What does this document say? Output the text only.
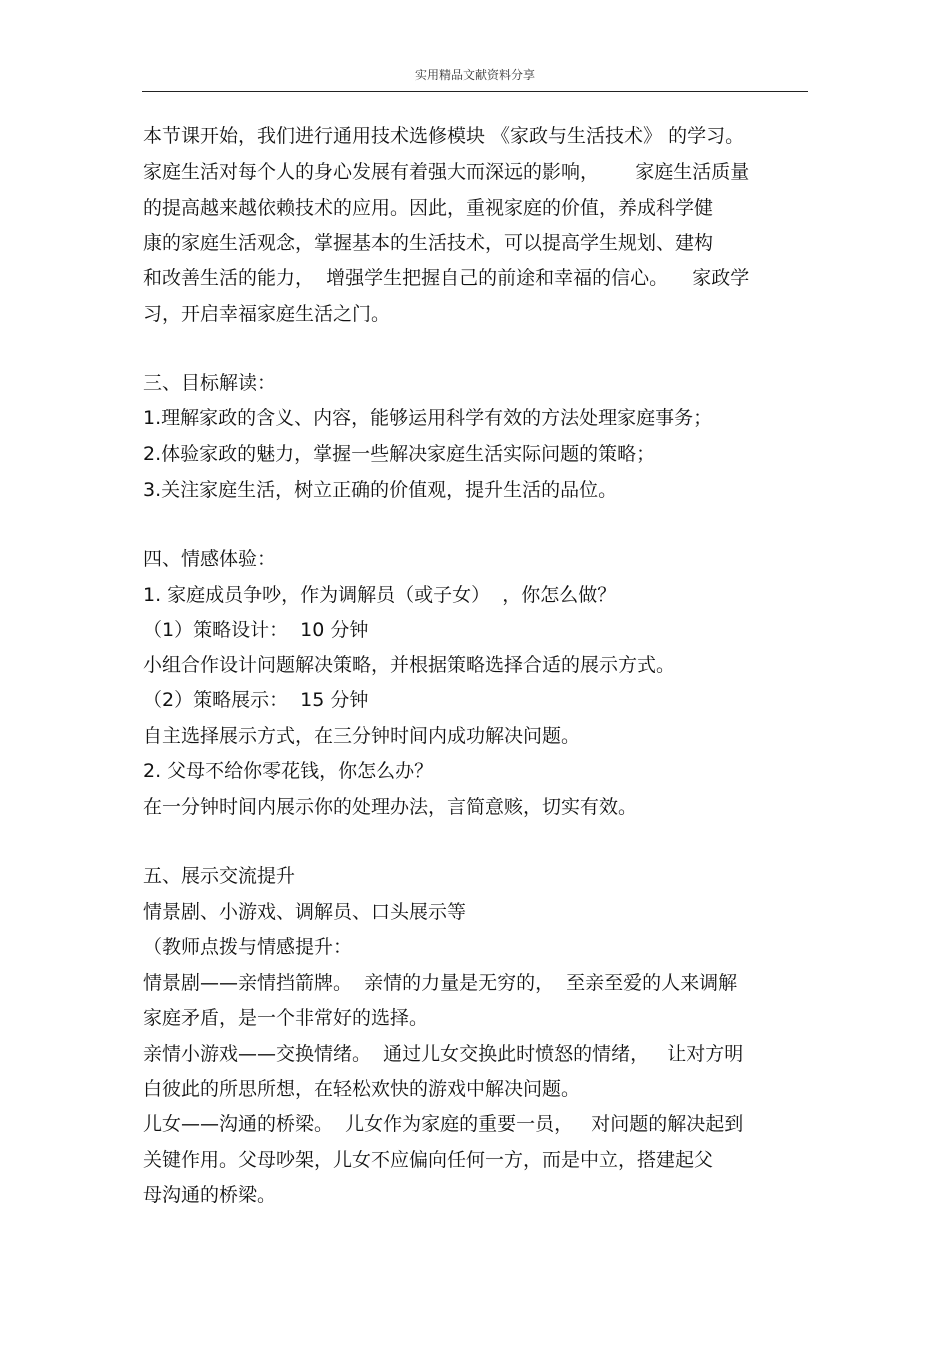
实用精品文献资料分享

本节课开始，我们进行通用技术选修模块 《家政与生活技术》 的学习。

家庭生活对每个人的身心发展有着强大而深远的影响，      家庭生活质量

的提高越来越依赖技术的应用。因此，重视家庭的价值，养成科学健

康的家庭生活观念，掌握基本的生活技术，可以提高学生规划、建构

和改善生活的能力，  增强学生把握自己的前途和幸福的信心。    家政学

习，开启幸福家庭生活之门。

三、目标解读：

1.理解家政的含义、内容，能够运用科学有效的方法处理家庭事务；

2.体验家政的魅力，掌握一些解决家庭生活实际问题的策略；

3.关注家庭生活，树立正确的价值观，提升生活的品位。

四、情感体验：

1. 家庭成员争吵，作为调解员（或子女）  ，你怎么做？

（1）策略设计：  10 分钟

小组合作设计问题解决策略，并根据策略选择合适的展示方式。

（2）策略展示：  15 分钟

自主选择展示方式，在三分钟时间内成功解决问题。

2. 父母不给你零花钱，你怎么办？

在一分钟时间内展示你的处理办法，言简意赅，切实有效。

五、展示交流提升

情景剧、小游戏、调解员、口头展示等

（教师点拨与情感提升：

情景剧——亲情挡箭牌。  亲情的力量是无穷的，  至亲至爱的人来调解

家庭矛盾，是一个非常好的选择。

亲情小游戏——交换情绪。  通过儿女交换此时愤怒的情绪，   让对方明

白彼此的所思所想，在轻松欢快的游戏中解决问题。

儿女——沟通的桥梁。  儿女作为家庭的重要一员，   对问题的解决起到

关键作用。父母吵架，儿女不应偏向任何一方，而是中立，搭建起父

母沟通的桥梁。
